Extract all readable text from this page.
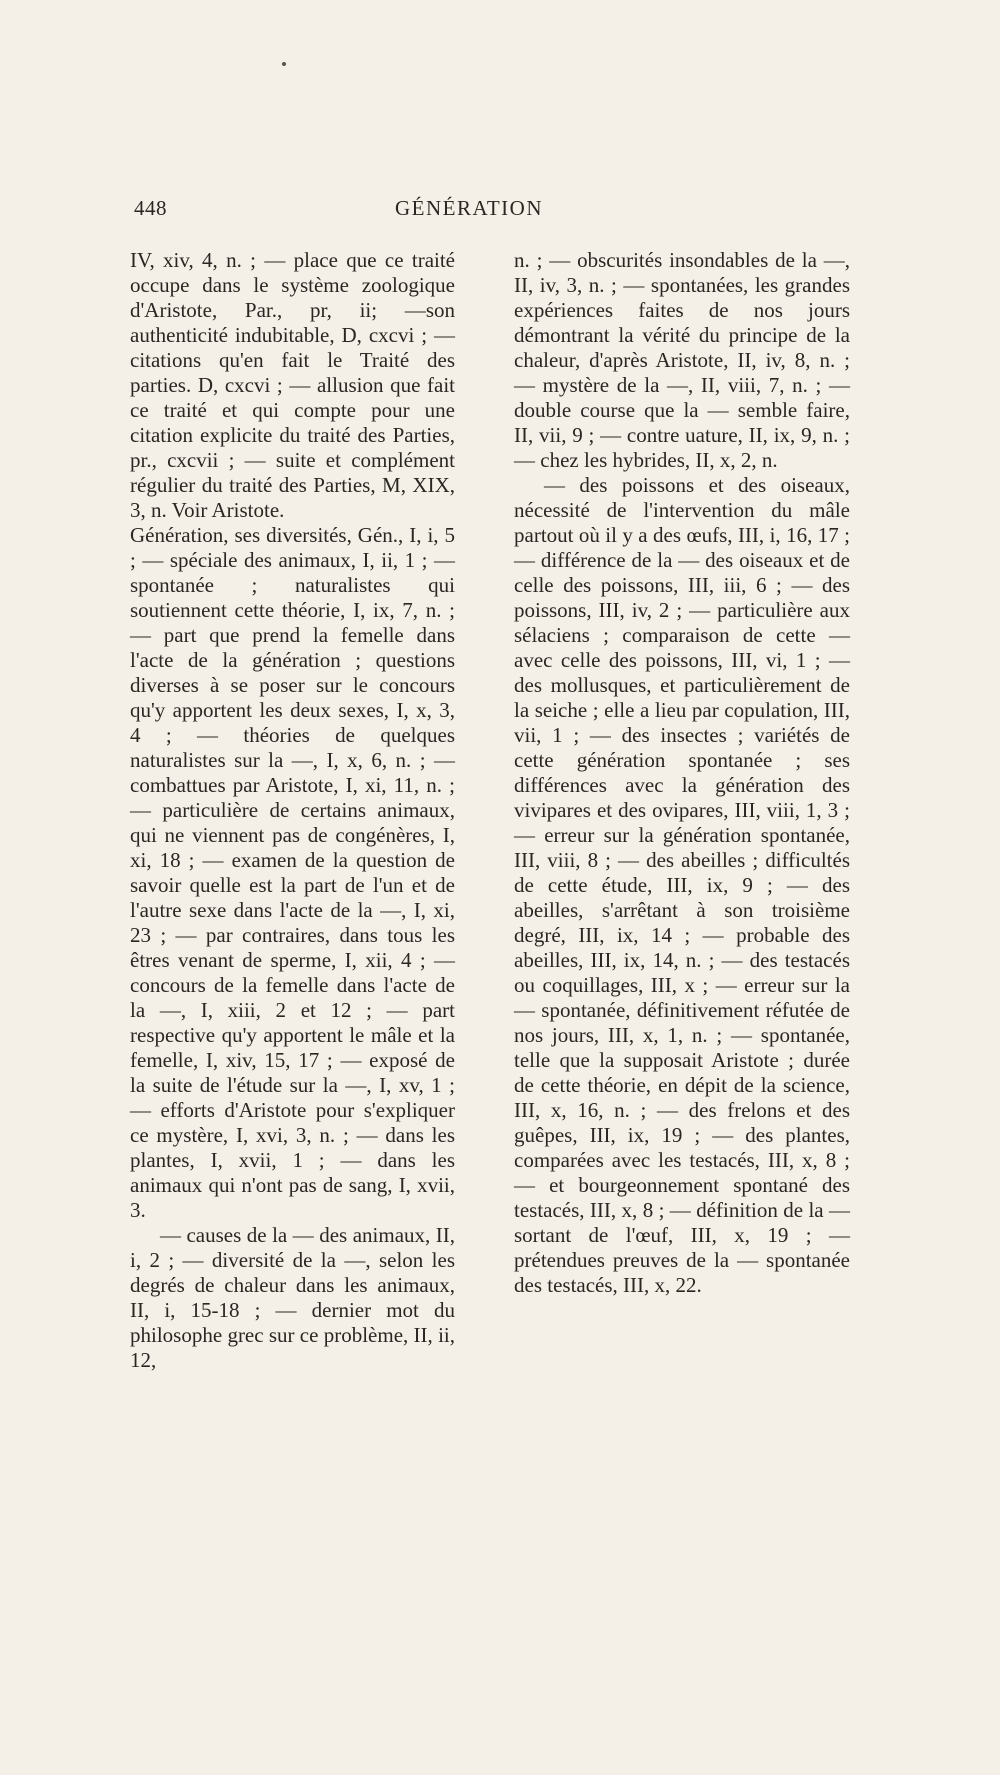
448	GÉNÉRATION

IV, xiv, 4, n. ; — place que ce traité occupe dans le système zoologique d'Aristote, Par., pr, ii; —son authenticité indubitable, D, cxcvi ; — citations qu'en fait le Traité des parties. D, cxcvi ; — allusion que fait ce traité et qui compte pour une citation explicite du traité des Parties, pr., cxcvii ; — suite et complément régulier du traité des Parties, M, XIX, 3, n. Voir Aristote.

Génération, ses diversités, Gén., I, i, 5 ; — spéciale des animaux, I, ii, 1 ; — spontanée ; naturalistes qui soutiennent cette théorie, I, ix, 7, n. ; — part que prend la femelle dans l'acte de la génération ; questions diverses à se poser sur le concours qu'y apportent les deux sexes, I, x, 3, 4 ; — théories de quelques naturalistes sur la —, I, x, 6, n. ; — combattues par Aristote, I, xi, 11, n. ; — particulière de certains animaux, qui ne viennent pas de congénères, I, xi, 18 ; — examen de la question de savoir quelle est la part de l'un et de l'autre sexe dans l'acte de la —, I, xi, 23 ; — par contraires, dans tous les êtres venant de sperme, I, xii, 4 ; — concours de la femelle dans l'acte de la —, I, xiii, 2 et 12 ; — part respective qu'y apportent le mâle et la femelle, I, xiv, 15, 17 ; — exposé de la suite de l'étude sur la —, I, xv, 1 ; — efforts d'Aristote pour s'expliquer ce mystère, I, xvi, 3, n. ; — dans les plantes, I, xvii, 1 ; — dans les animaux qui n'ont pas de sang, I, xvii, 3.

— causes de la — des animaux, II, i, 2 ; — diversité de la —, selon les degrés de chaleur dans les animaux, II, i, 15-18 ; — dernier mot du philosophe grec sur ce problème, II, ii, 12,

n. ; — obscurités insondables de la —, II, iv, 3, n. ; — spontanées, les grandes expériences faites de nos jours démontrant la vérité du principe de la chaleur, d'après Aristote, II, iv, 8, n. ; — mystère de la —, II, viii, 7, n. ; — double course que la — semble faire, II, vii, 9 ; — contre uature, II, ix, 9, n. ; — chez les hybrides, II, x, 2, n.

— des poissons et des oiseaux, nécessité de l'intervention du mâle partout où il y a des œufs, III, i, 16, 17 ; — différence de la — des oiseaux et de celle des poissons, III, iii, 6 ; — des poissons, III, iv, 2 ; — particulière aux sélaciens ; comparaison de cette — avec celle des poissons, III, vi, 1 ; — des mollusques, et particulièrement de la seiche ; elle a lieu par copulation, III, vii, 1 ; — des insectes ; variétés de cette génération spontanée ; ses différences avec la génération des vivipares et des ovipares, III, viii, 1, 3 ; — erreur sur la génération spontanée, III, viii, 8 ; — des abeilles ; difficultés de cette étude, III, ix, 9 ; — des abeilles, s'arrêtant à son troisième degré, III, ix, 14 ; — probable des abeilles, III, ix, 14, n. ; — des testacés ou coquillages, III, x ; — erreur sur la — spontanée, définitivement réfutée de nos jours, III, x, 1, n. ; — spontanée, telle que la supposait Aristote ; durée de cette théorie, en dépit de la science, III, x, 16, n. ; — des frelons et des guêpes, III, ix, 19 ; — des plantes, comparées avec les testacés, III, x, 8 ; — et bourgeonnement spontané des testacés, III, x, 8 ; — définition de la — sortant de l'œuf, III, x, 19 ; — prétendues preuves de la — spontanée des testacés, III, x, 22.
